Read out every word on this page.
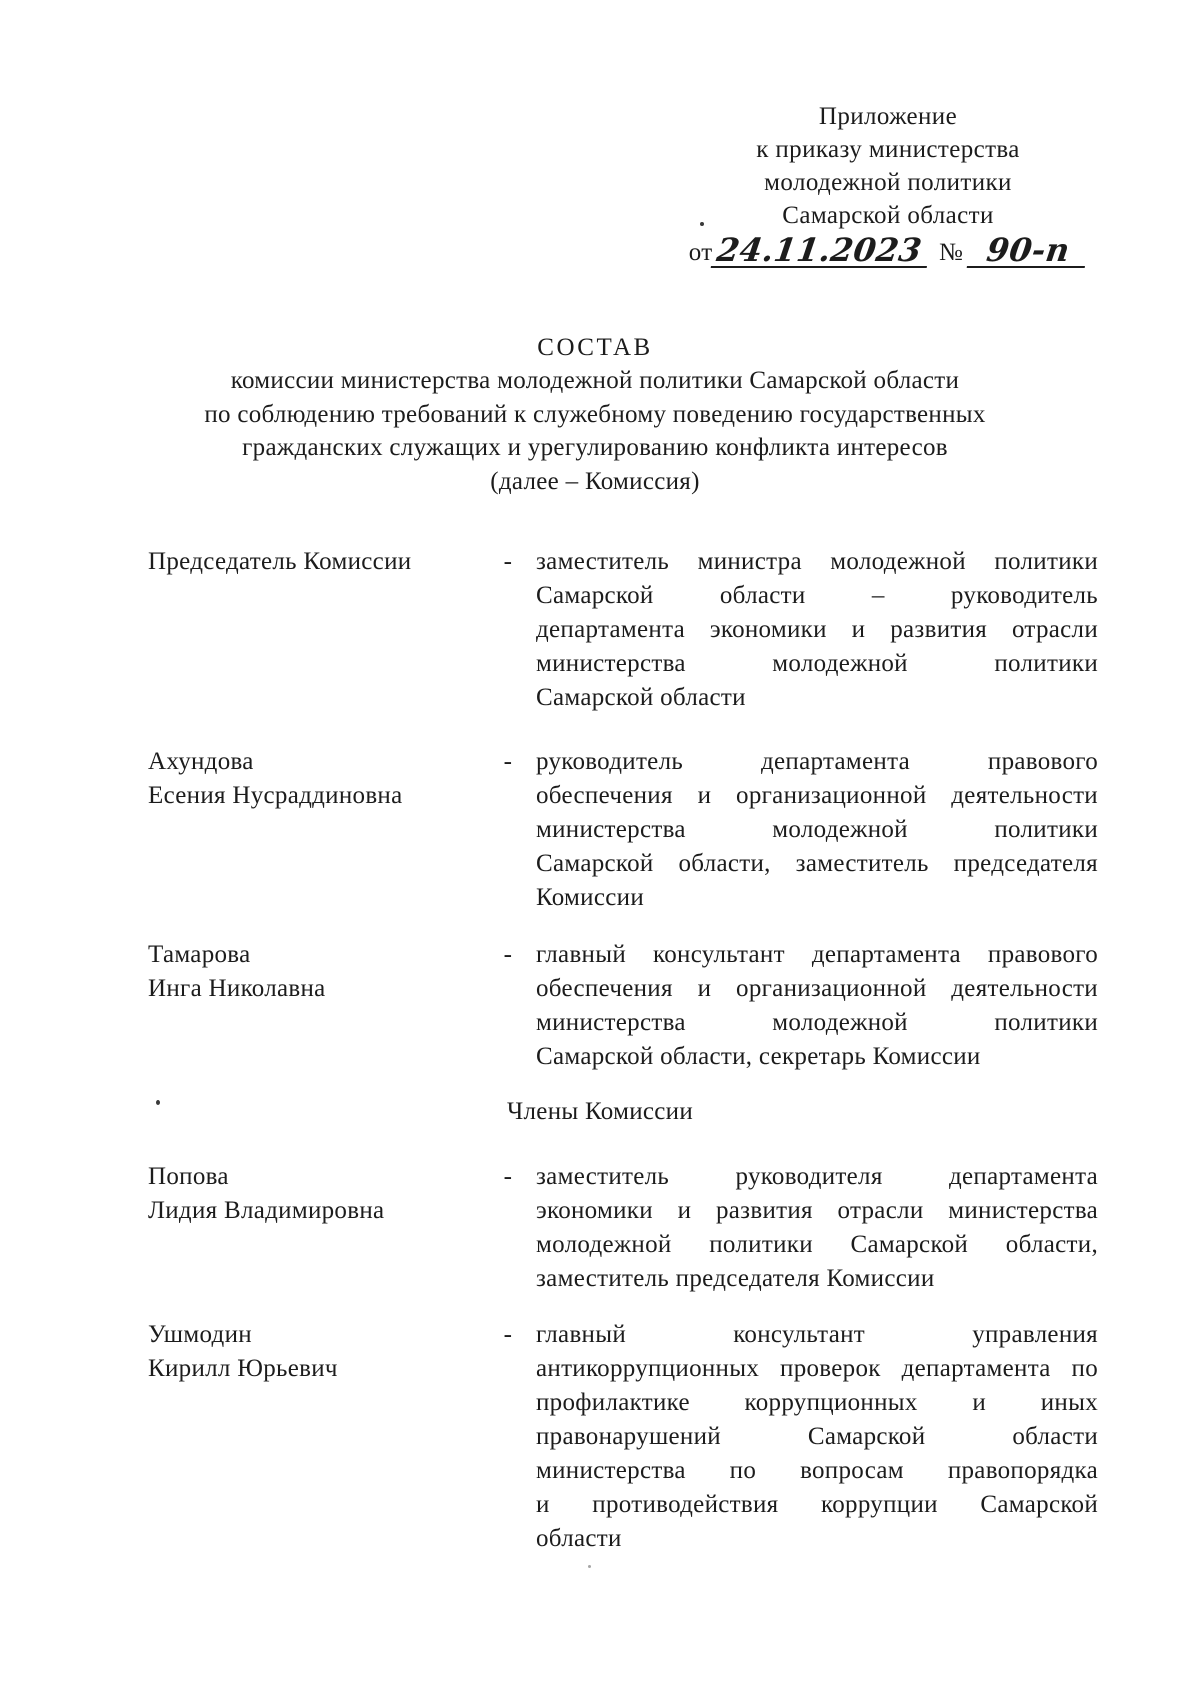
Приложение
к приказу министерства
молодежной политики
Самарской области
от 24.11.2023 № 90-п
СОСТАВ
комиссии министерства молодежной политики Самарской области
по соблюдению требований к служебному поведению государственных
гражданских служащих и урегулированию конфликта интересов
(далее – Комиссия)
Председатель Комиссии	- заместитель министра молодежной политики
Самарской области – руководитель
департамента экономики и развития отрасли
министерства молодежной политики
Самарской области
Ахундова
Есения Нусраддиновна
- руководитель департамента правового
обеспечения и организационной деятельности
министерства молодежной политики
Самарской области, заместитель председателя
Комиссии
Тамарова
Инга Николавна
- главный консультант департамента правового
обеспечения и организационной деятельности
министерства молодежной политики
Самарской области, секретарь Комиссии
Члены Комиссии
Попова
Лидия Владимировна
- заместитель руководителя департамента
экономики и развития отрасли министерства
молодежной политики Самарской области,
заместитель председателя Комиссии
Ушмодин
Кирилл Юрьевич
- главный консультант управления
антикоррупционных проверок департамента по
профилактике коррупционных и иных
правонарушений Самарской области
министерства по вопросам правопорядка
и противодействия коррупции Самарской
области
